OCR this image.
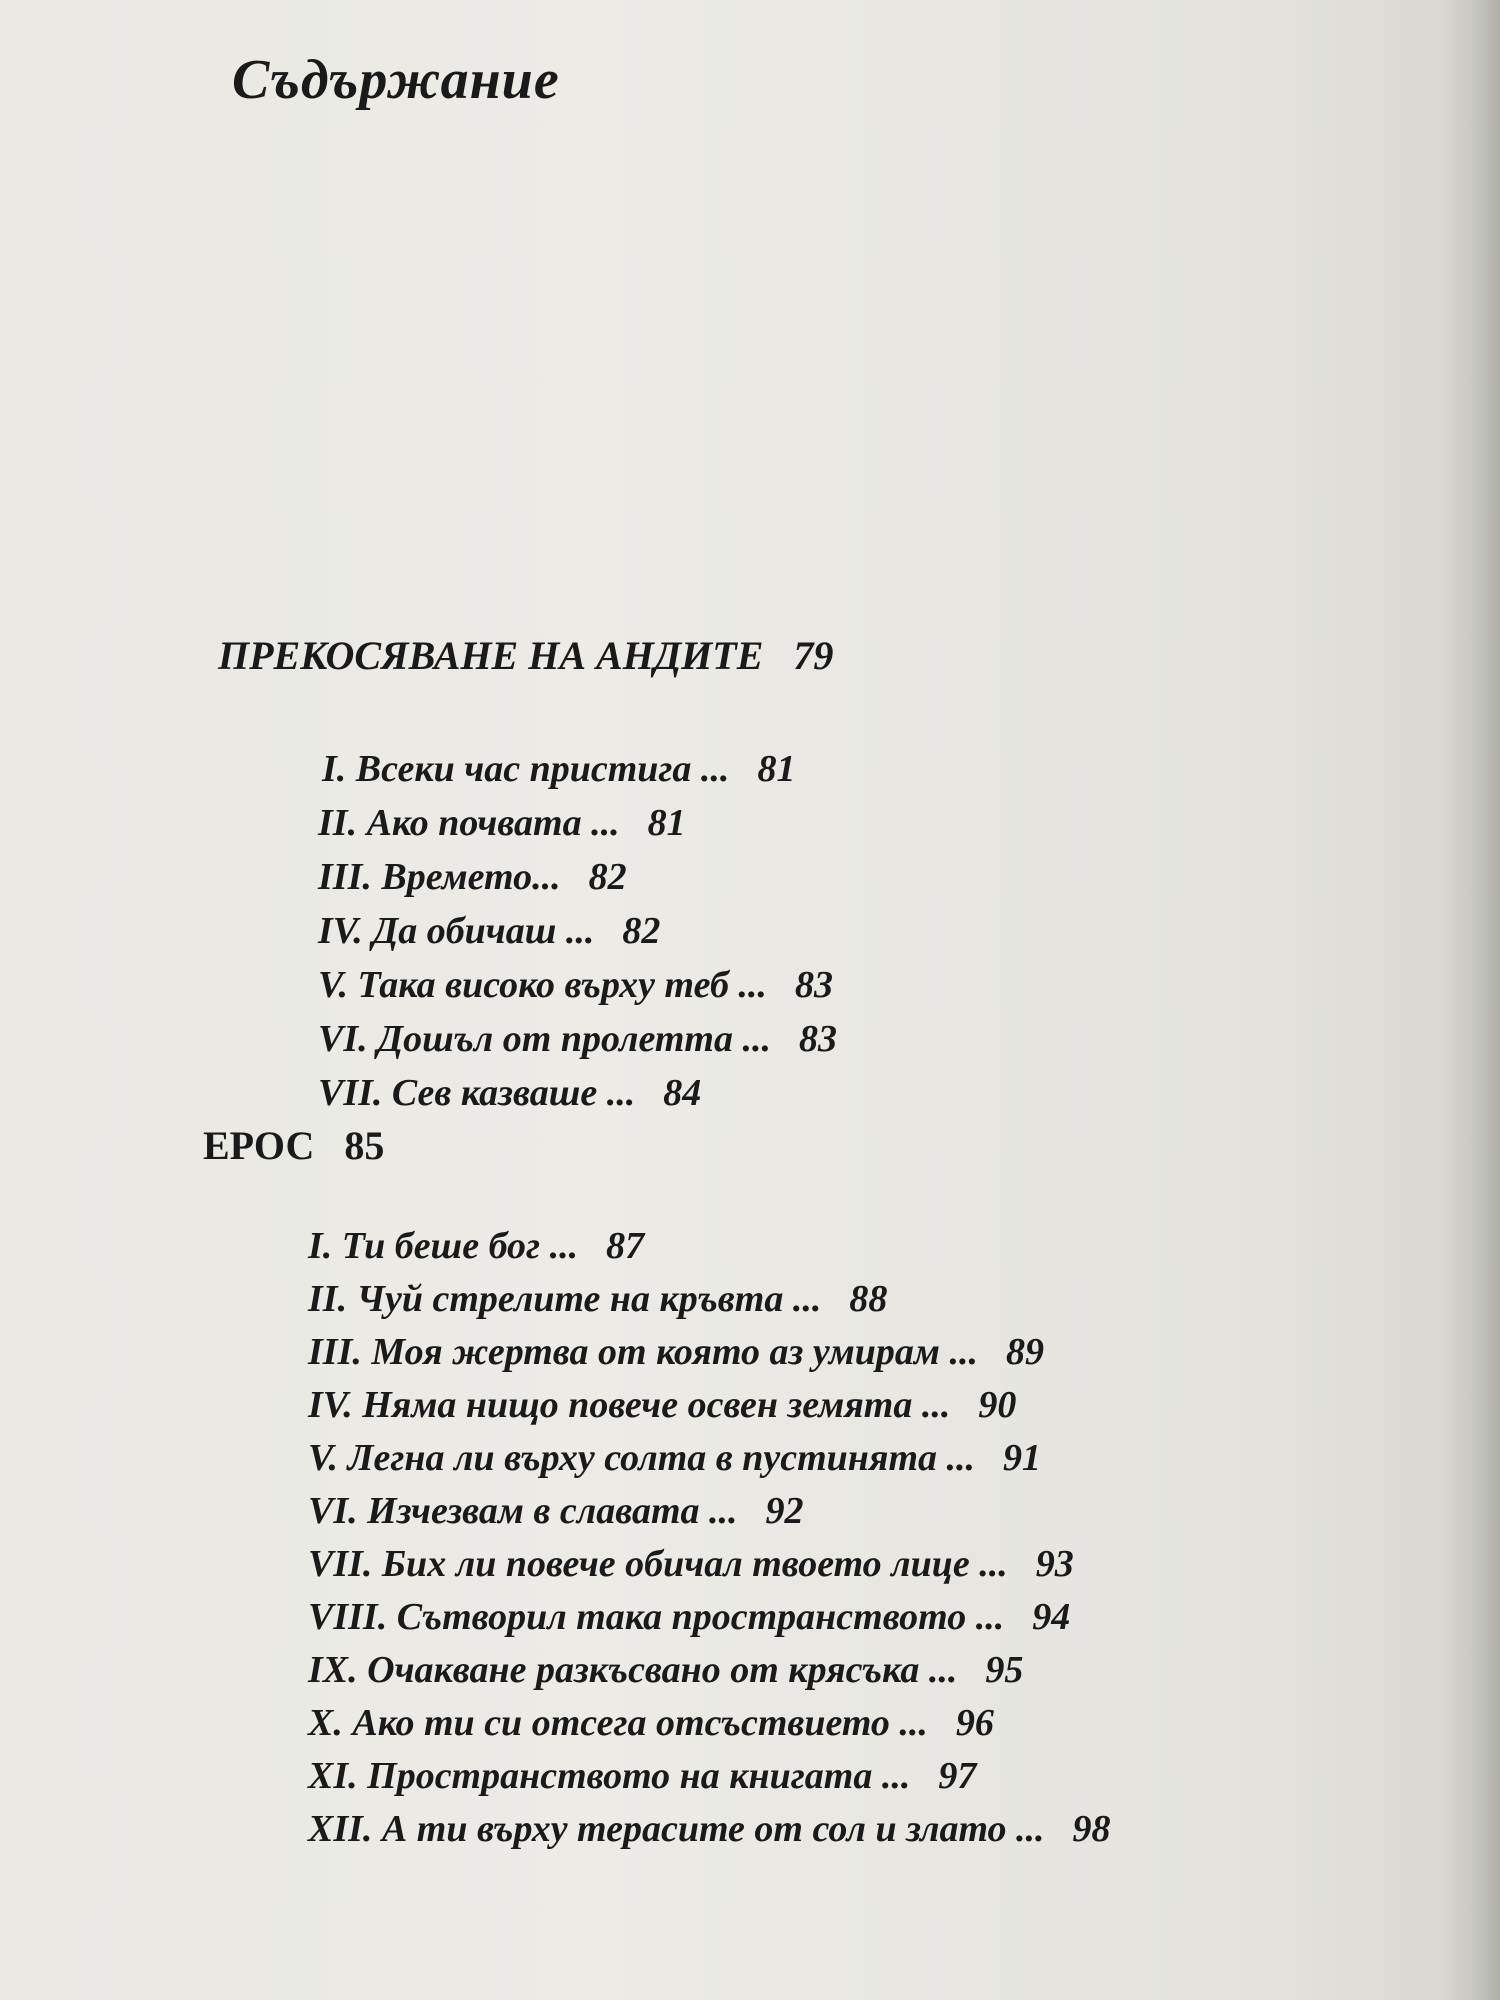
Съдържание
ПРЕКОСЯВАНЕ НА АНДИТЕ 79
I. Всеки час пристига ... 81
II. Ако почвата ... 81
III. Времето... 82
IV. Да обичаш ... 82
V. Така високо върху теб ... 83
VI. Дошъл от пролетта ... 83
VII. Сев казваше ... 84
ЕРОС 85
I. Ти беше бог ... 87
II. Чуй стрелите на кръвта ... 88
III. Моя жертва от която аз умирам ... 89
IV. Няма нищо повече освен земята ... 90
V. Легна ли върху солта в пустинята ... 91
VI. Изчезвам в славата ... 92
VII. Бих ли повече обичал твоето лице ... 93
VIII. Сътворил така пространството ... 94
IX. Очакване разкъсвано от крясъка ... 95
X. Ако ти си отсега отсъствието ... 96
XI. Пространството на книгата ... 97
XII. А ти върху терасите от сол и злато ... 98
